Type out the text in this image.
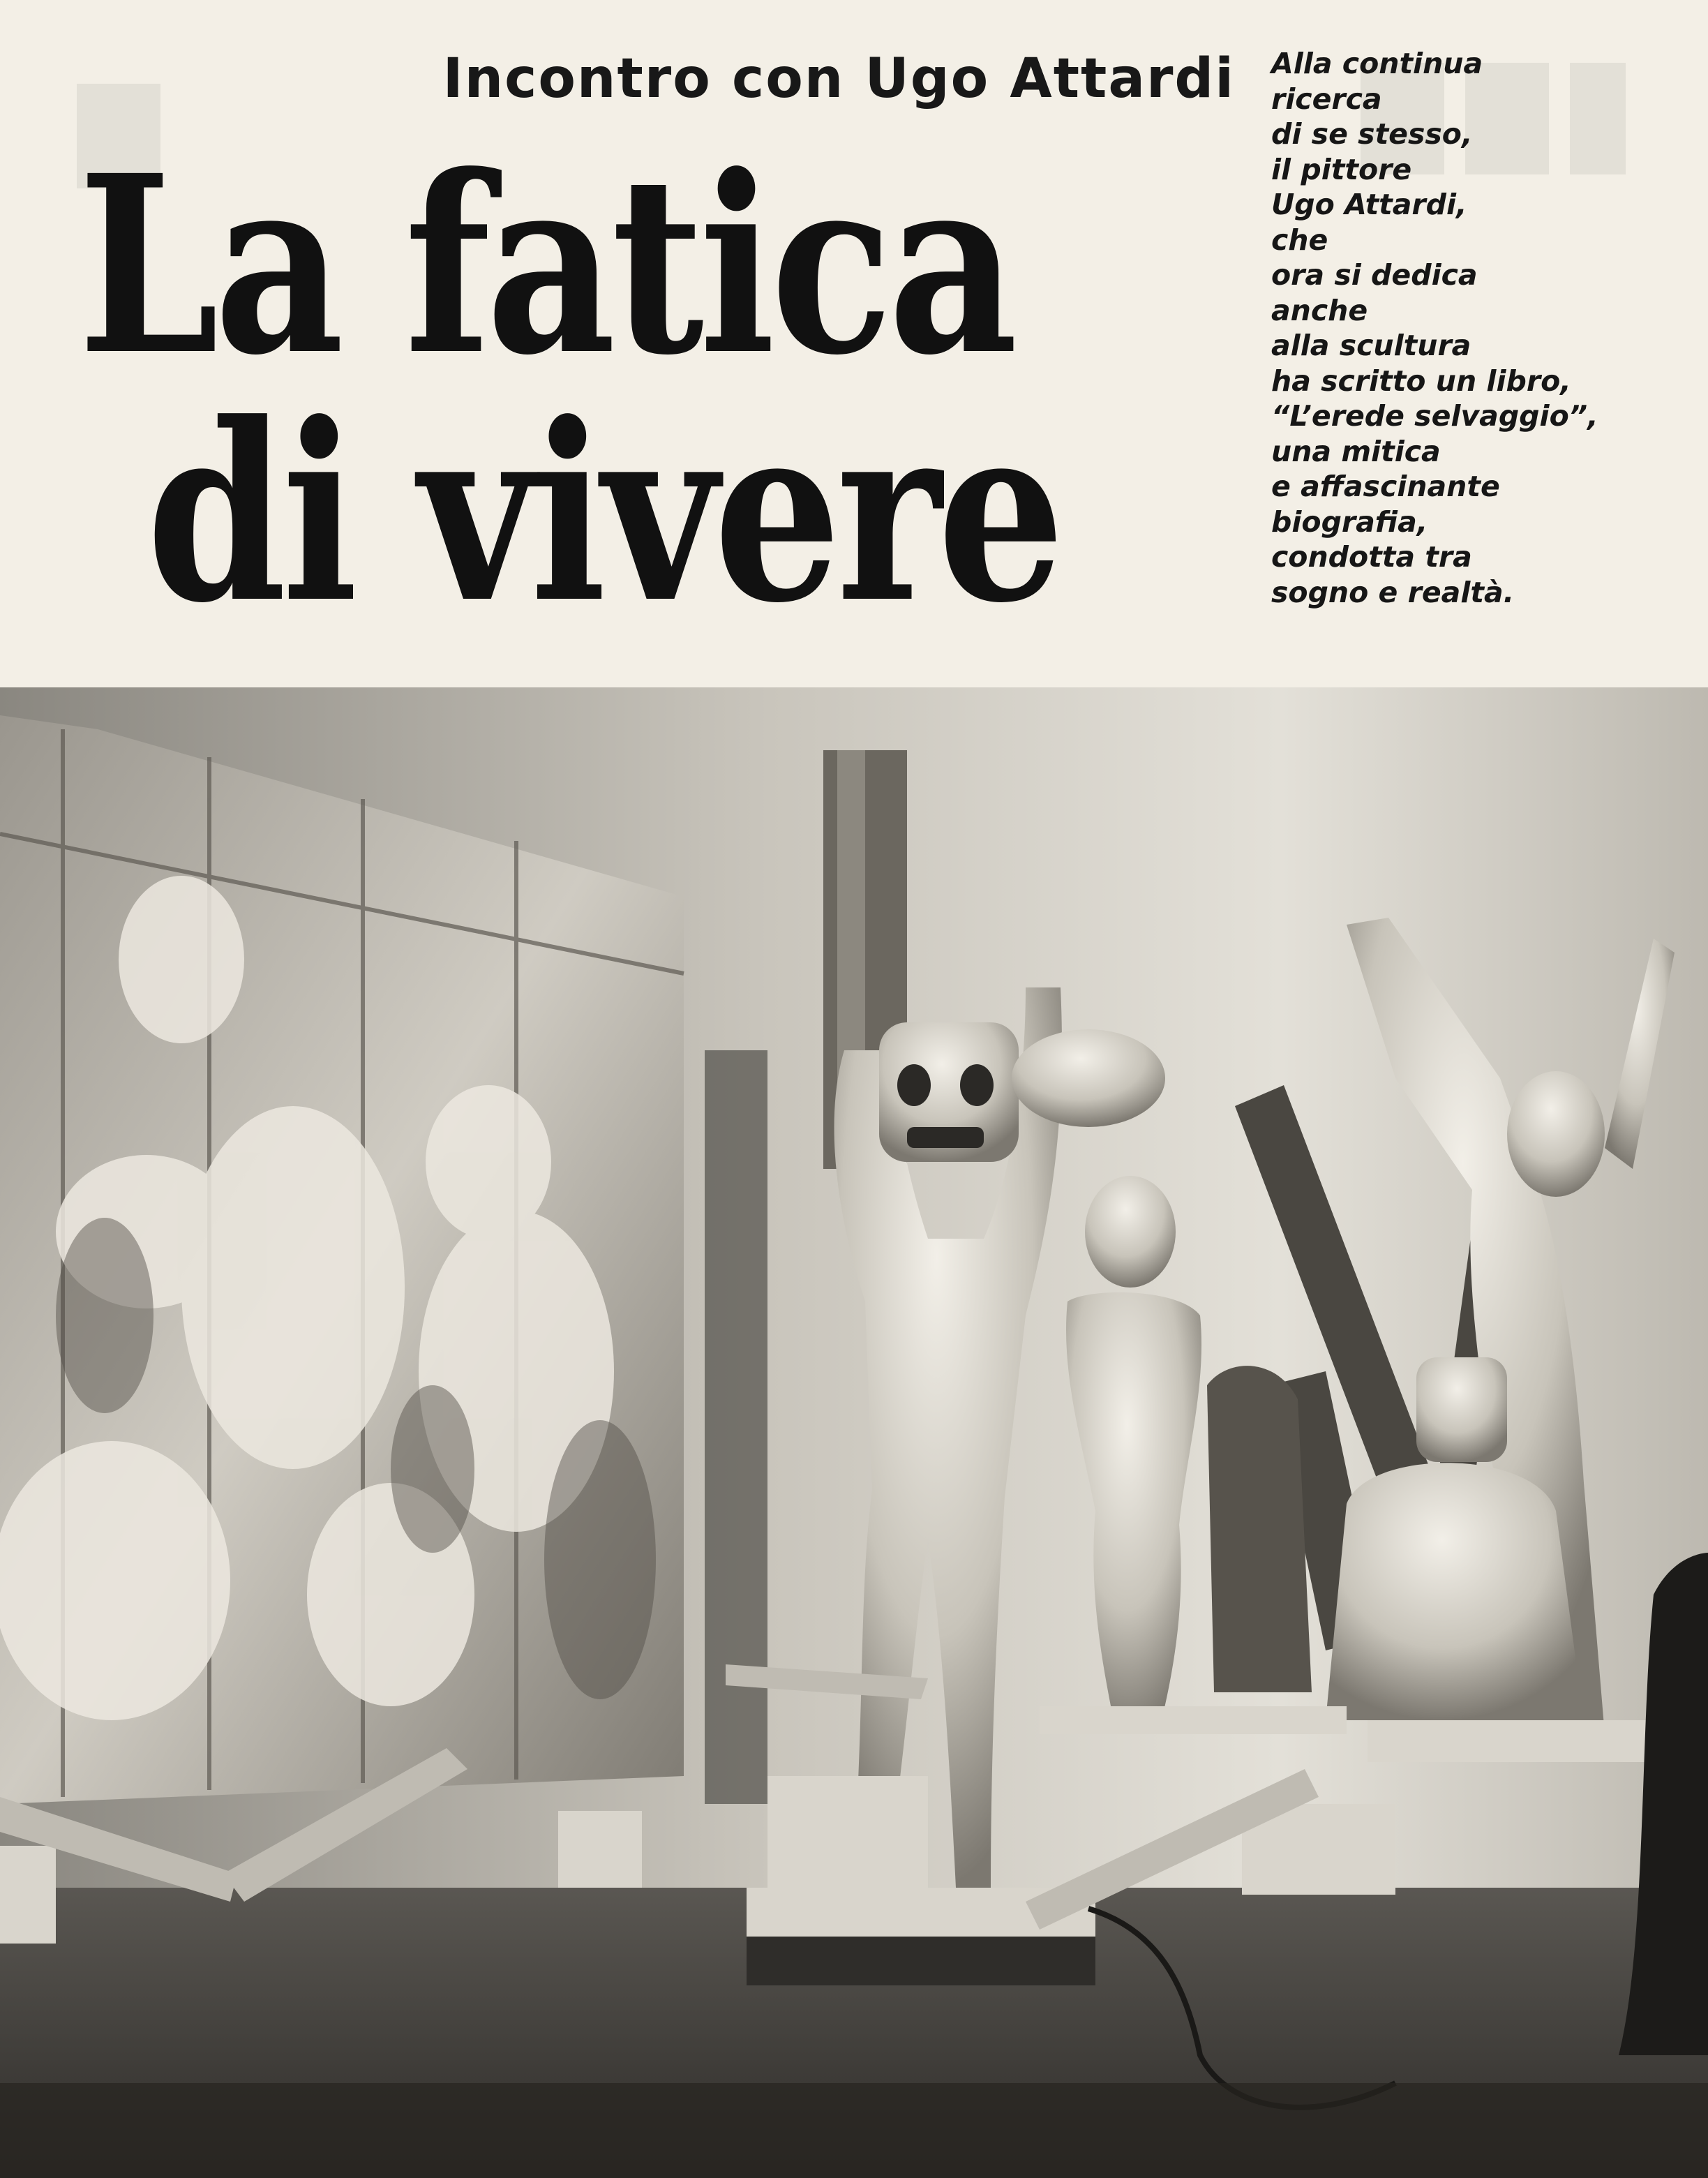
Incontro con Ugo Attardi
La fatica
di vivere
Alla continua
ricerca
di se stesso,
il pittore
Ugo Attardi,
che
ora si dedica
anche
alla scultura
ha scritto un libro,
“L’erede selvaggio”,
una mitica
e affascinante
biografia,
condotta tra
sogno e realtà.
